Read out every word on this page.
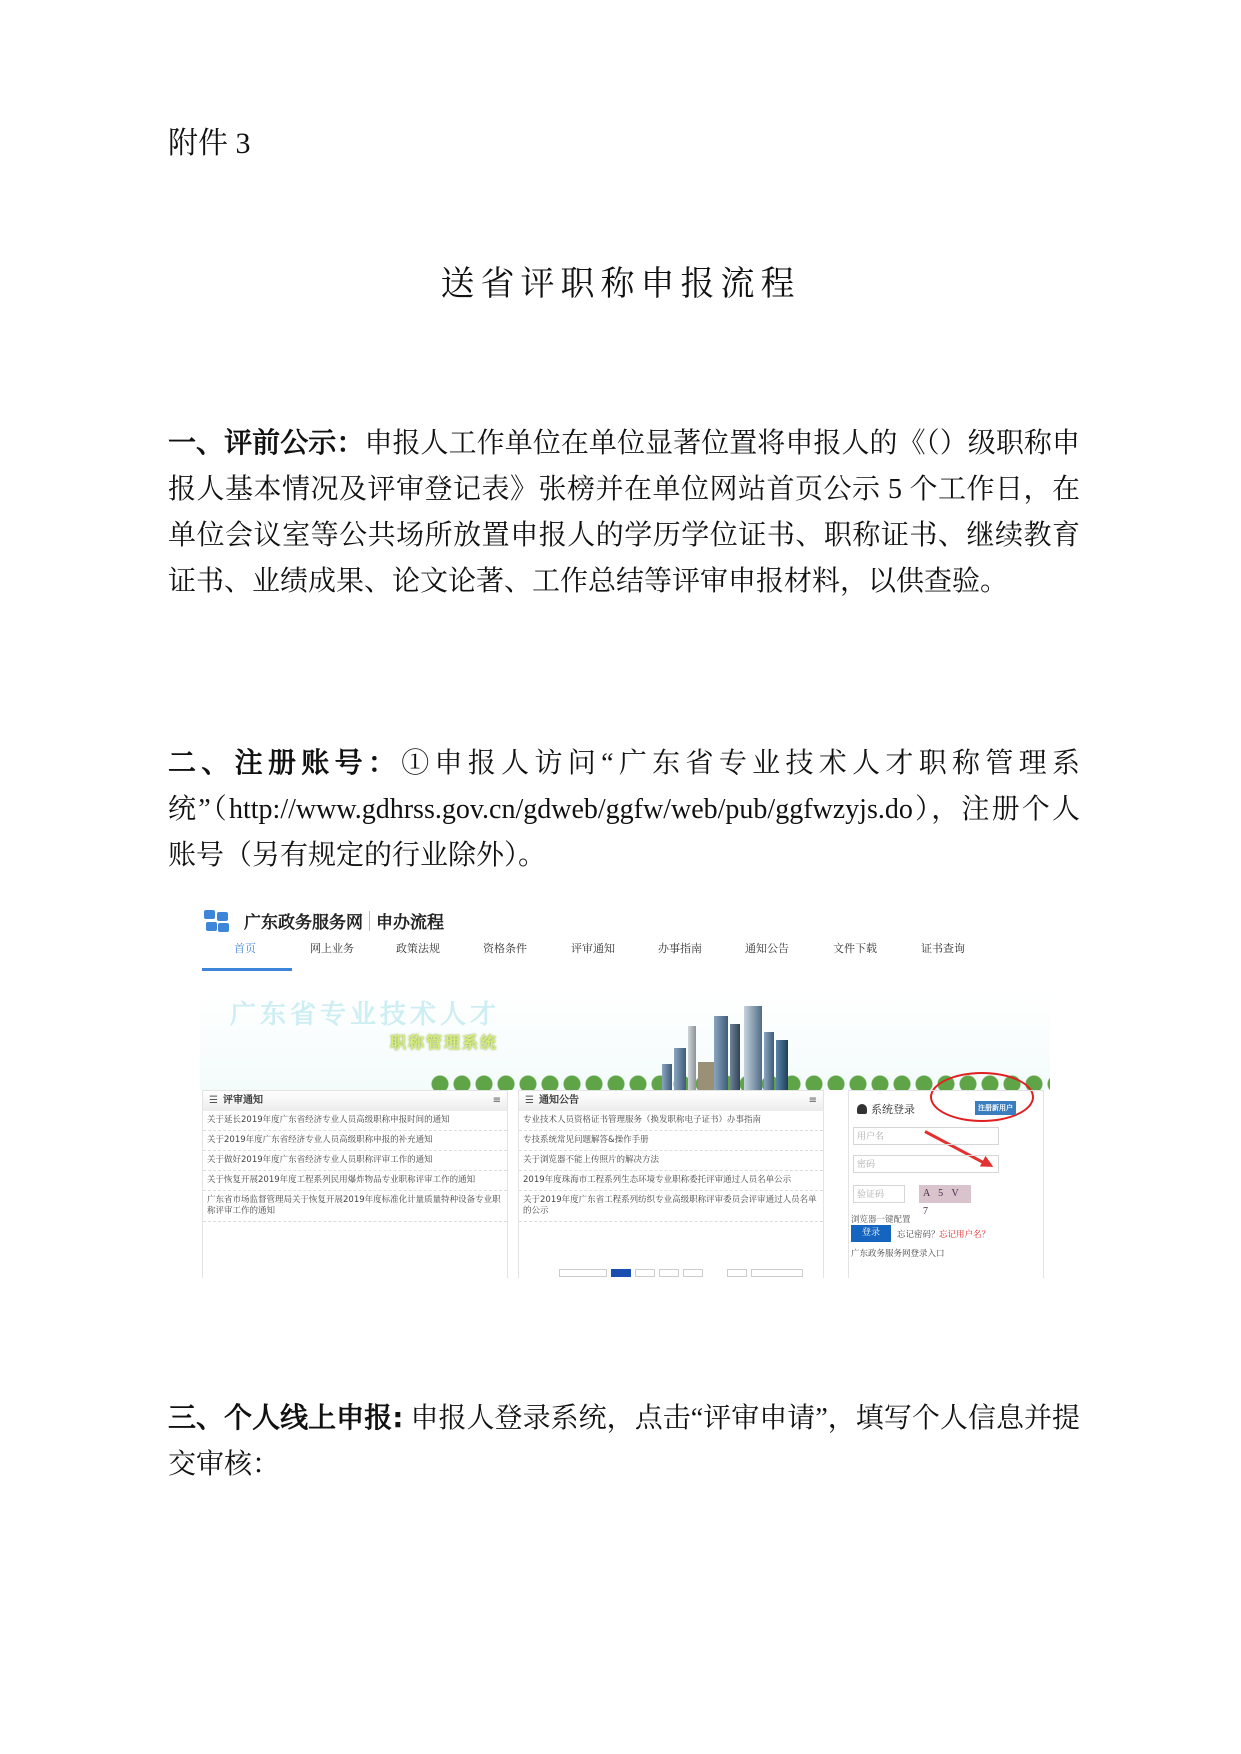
附件 3
送省评职称申报流程

一、评前公示：申报人工作单位在单位显著位置将申报人的《（）级职称申报人基本情况及评审登记表》张榜并在单位网站首页公示 5 个工作日，在单位会议室等公共场所放置申报人的学历学位证书、职称证书、继续教育证书、业绩成果、论文论著、工作总结等评审申报材料，以供查验。

二、注册账号：①申报人访问“广东省专业技术人才职称管理系统”（http://www.gdhrss.gov.cn/gdweb/ggfw/web/pub/ggfwzyjs.do），注册个人账号（另有规定的行业除外）。

广东政务服务网 申办流程
首页	网上业务	政策法规	资格条件	评审通知	办事指南	通知公告	文件下载	证书查询
广东省专业技术人才
职称管理系统
☰ 评审通知	≡
关于延长2019年度广东省经济专业人员高级职称申报时间的通知
关于2019年度广东省经济专业人员高级职称申报的补充通知
关于做好2019年度广东省经济专业人员职称评审工作的通知
关于恢复开展2019年度工程系列民用爆炸物品专业职称评审工作的通知
广东省市场监督管理局关于恢复开展2019年度标准化计量质量特种设备专业职称评审工作的通知
☰ 通知公告	≡
专业技术人员资格证书管理服务（换发职称电子证书）办事指南
专技系统常见问题解答&操作手册
关于浏览器不能上传照片的解决方法
2019年度珠海市工程系列生态环境专业职称委托评审通过人员名单公示
关于2019年度广东省工程系列纺织专业高级职称评审委员会评审通过人员名单的公示
系统登录	注册新用户
用户名
密码
验证码	A 5 V 7
浏览器一键配置
登录	忘记密码？ 忘记用户名？
广东政务服务网登录入口

三、个人线上申报: 申报人登录系统，点击“评审申请”，填写个人信息并提交审核：
